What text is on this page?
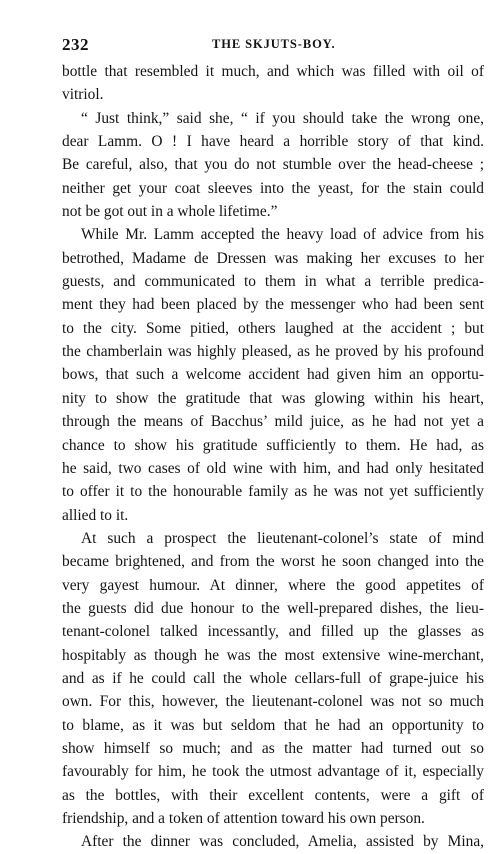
232	THE SKJUTS-BOY.
bottle that resembled it much, and which was filled with oil of
vitriol.
“ Just think,” said she, “ if you should take the wrong one,
dear Lamm. O ! I have heard a horrible story of that kind.
Be careful, also, that you do not stumble over the head-cheese ;
neither get your coat sleeves into the yeast, for the stain could
not be got out in a whole lifetime.”
While Mr. Lamm accepted the heavy load of advice from his
betrothed, Madame de Dressen was making her excuses to her
guests, and communicated to them in what a terrible predica-
ment they had been placed by the messenger who had been sent
to the city. Some pitied, others laughed at the accident ; but
the chamberlain was highly pleased, as he proved by his profound
bows, that such a welcome accident had given him an opportu-
nity to show the gratitude that was glowing within his heart,
through the means of Bacchus’ mild juice, as he had not yet a
chance to show his gratitude sufficiently to them. He had, as
he said, two cases of old wine with him, and had only hesitated
to offer it to the honourable family as he was not yet sufficiently
allied to it.
At such a prospect the lieutenant-colonel’s state of mind
became brightened, and from the worst he soon changed into the
very gayest humour. At dinner, where the good appetites of
the guests did due honour to the well-prepared dishes, the lieu-
tenant-colonel talked incessantly, and filled up the glasses as
hospitably as though he was the most extensive wine-merchant,
and as if he could call the whole cellars-full of grape-juice his
own. For this, however, the lieutenant-colonel was not so much
to blame, as it was but seldom that he had an opportunity to
show himself so much; and as the matter had turned out so
favourably for him, he took the utmost advantage of it, especially
as the bottles, with their excellent contents, were a gift of
friendship, and a token of attention toward his own person.
After the dinner was concluded, Amelia, assisted by Mina,
